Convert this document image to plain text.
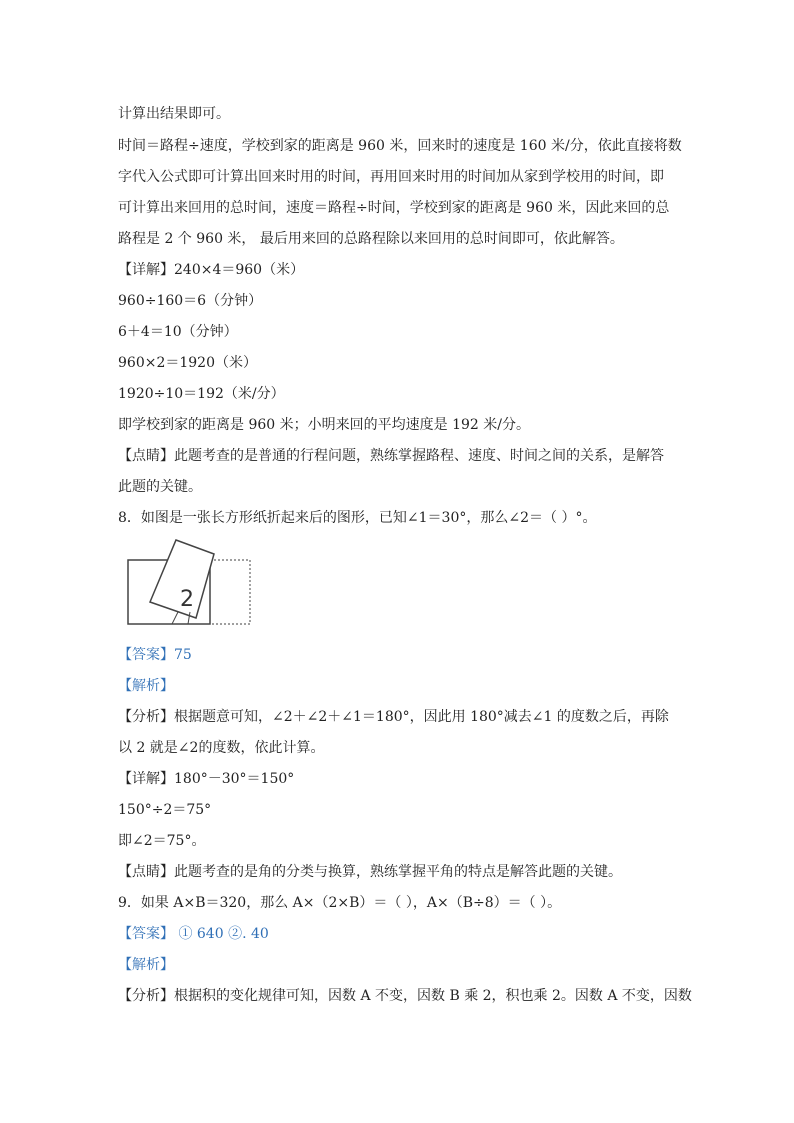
计算出结果即可。
时间＝路程÷速度，学校到家的距离是 960 米，回来时的速度是 160 米/分，依此直接将数
字代入公式即可计算出回来时用的时间，再用回来时用的时间加从家到学校用的时间，即
可计算出来回用的总时间，速度＝路程÷时间，学校到家的距离是 960 米，因此来回的总
路程是 2 个 960 米， 最后用来回的总路程除以来回用的总时间即可，依此解答。
【详解】240×4＝960（米）
960÷160＝6（分钟）
6＋4＝10（分钟）
960×2＝1920（米）
1920÷10＝192（米/分）
即学校到家的距离是 960 米；小明来回的平均速度是 192 米/分。
【点睛】此题考查的是普通的行程问题，熟练掌握路程、速度、时间之间的关系，是解答
此题的关键。
8．如图是一张长方形纸折起来后的图形，已知∠1＝30°，那么∠2＝（ ）°。
【答案】75
【解析】
【分析】根据题意可知，∠2＋∠2＋∠1＝180°，因此用 180°减去∠1 的度数之后，再除
以 2 就是∠2的度数，依此计算。
【详解】180°－30°＝150°
150°÷2＝75°
即∠2＝75°。
【点睛】此题考查的是角的分类与换算，熟练掌握平角的特点是解答此题的关键。
9．如果 A×B＝320，那么 A×（2×B）＝（ ），A×（B÷8）＝（ ）。
【答案】 ① 640 ②. 40
【解析】
【分析】根据积的变化规律可知，因数 A 不变，因数 B 乘 2，积也乘 2。因数 A 不变，因数
2
